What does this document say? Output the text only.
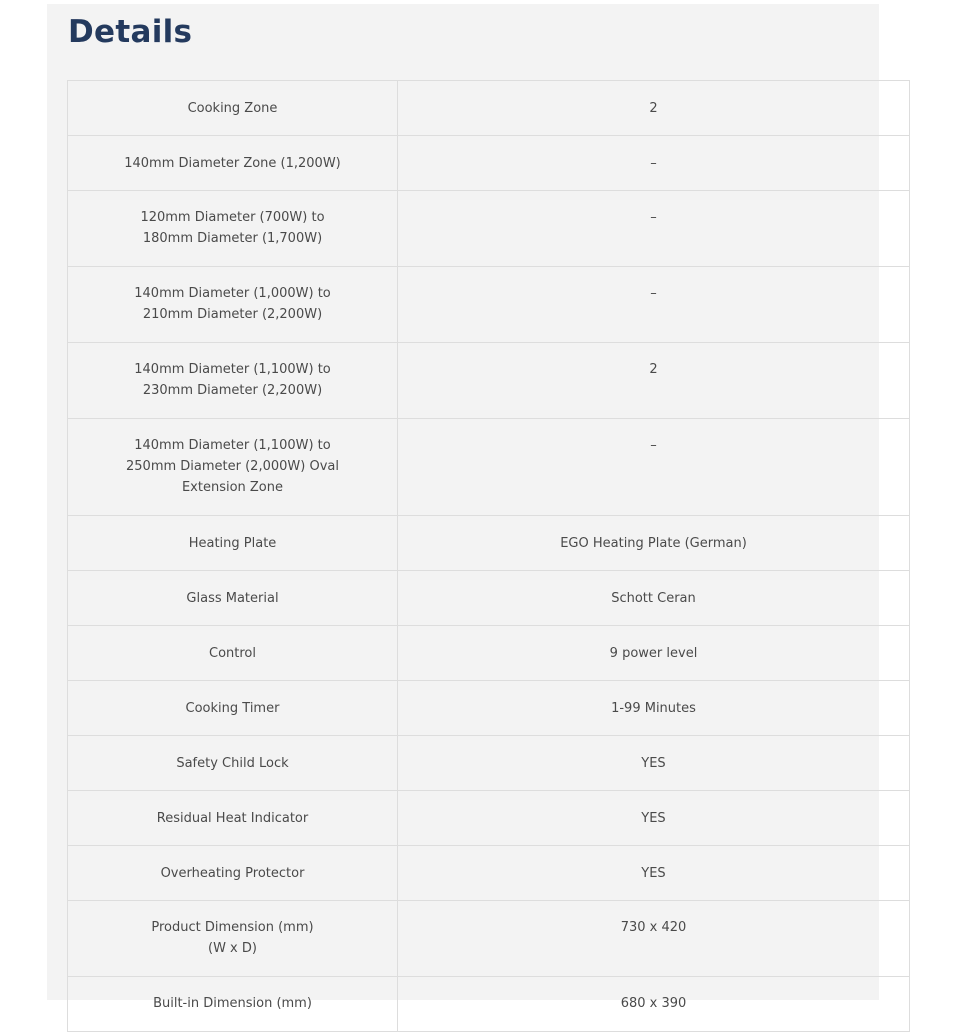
Details
Cooking Zone	2
140mm Diameter Zone (1,200W)	–
120mm Diameter (700W) to
180mm Diameter (1,700W)	–
140mm Diameter (1,000W) to
210mm Diameter (2,200W)	–
140mm Diameter (1,100W) to
230mm Diameter (2,200W)	2
140mm Diameter (1,100W) to
250mm Diameter (2,000W) Oval
Extension Zone	–
Heating Plate	EGO Heating Plate (German)
Glass Material	Schott Ceran
Control	9 power level
Cooking Timer	1-99 Minutes
Safety Child Lock	YES
Residual Heat Indicator	YES
Overheating Protector	YES
Product Dimension (mm)
(W x D)	730 x 420
Built-in Dimension (mm)	680 x 390
